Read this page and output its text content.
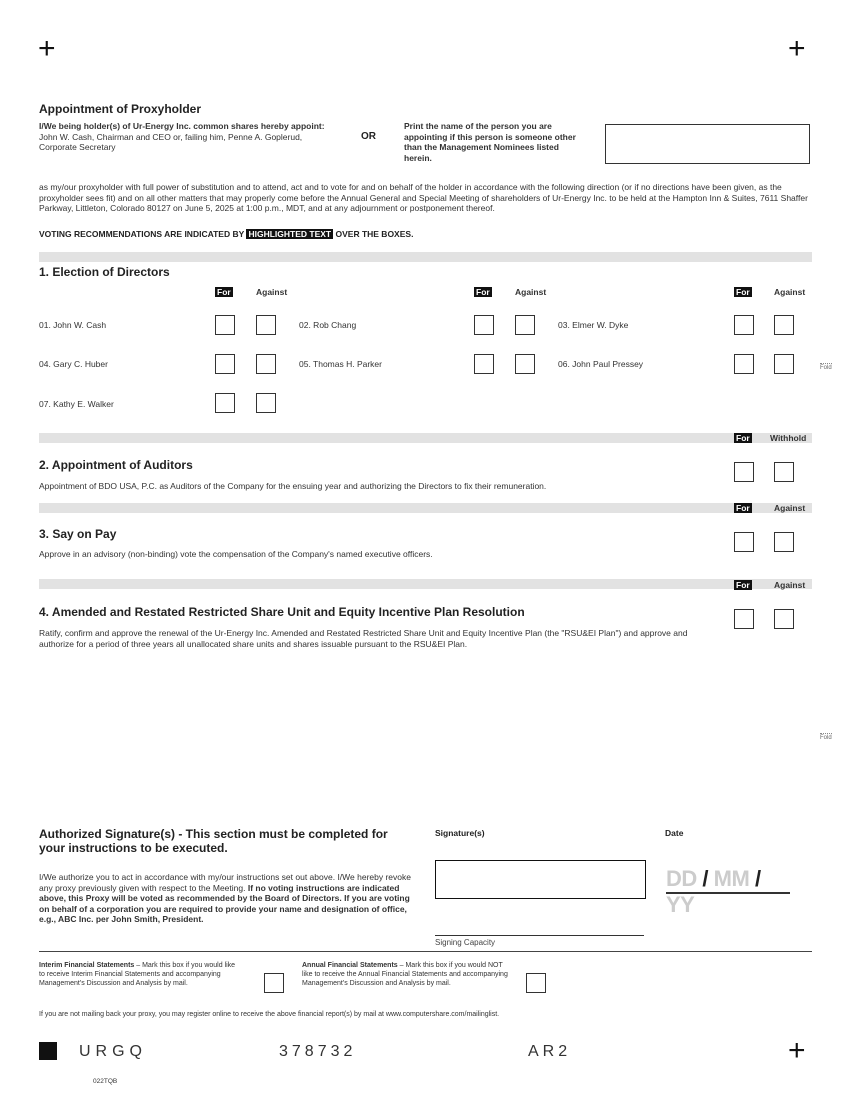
+	+
+
Appointment of Proxyholder
I/We being holder(s) of Ur-Energy Inc. common shares hereby appoint: John W. Cash, Chairman and CEO or, failing him, Penne A. Goplerud, Corporate Secretary
OR
Print the name of the person you are appointing if this person is someone other than the Management Nominees listed herein.
as my/our proxyholder with full power of substitution and to attend, act and to vote for and on behalf of the holder in accordance with the following direction (or if no directions have been given, as the proxyholder sees fit) and on all other matters that may properly come before the Annual General and Special Meeting of shareholders of Ur-Energy Inc. to be held at the Hampton Inn & Suites, 7611 Shaffer Parkway, Littleton, Colorado 80127 on June 5, 2025 at 1:00 p.m., MDT, and at any adjournment or postponement thereof.
VOTING RECOMMENDATIONS ARE INDICATED BY HIGHLIGHTED TEXT OVER THE BOXES.
1. Election of Directors
For	Against	For	Against	For	Against
01. John W. Cash	02. Rob Chang	03. Elmer W. Dyke
04. Gary C. Huber	05. Thomas H. Parker	06. John Paul Pressey	Fold
07. Kathy E. Walker
For Withhold
2. Appointment of Auditors
Appointment of BDO USA, P.C. as Auditors of the Company for the ensuing year and authorizing the Directors to fix their remuneration.
For	Against
3. Say on Pay
Approve in an advisory (non-binding) vote the compensation of the Company's named executive officers.
For	Against
4. Amended and Restated Restricted Share Unit and Equity Incentive Plan Resolution
Ratify, confirm and approve the renewal of the Ur-Energy Inc. Amended and Restated Restricted Share Unit and Equity Incentive Plan (the "RSU&EI Plan") and approve and authorize for a period of three years all unallocated share units and shares issuable pursuant to the RSU&EI Plan.
Fold
Authorized Signature(s) - This section must be completed for your instructions to be executed.
I/We authorize you to act in accordance with my/our instructions set out above. I/We hereby revoke any proxy previously given with respect to the Meeting. If no voting instructions are indicated above, this Proxy will be voted as recommended by the Board of Directors. If you are voting on behalf of a corporation you are required to provide your name and designation of office, e.g., ABC Inc. per John Smith, President.
Signature(s)	Date
DD / MM / YY
Signing Capacity
Interim Financial Statements – Mark this box if you would like to receive Interim Financial Statements and accompanying Management's Discussion and Analysis by mail.
Annual Financial Statements – Mark this box if you would NOT like to receive the Annual Financial Statements and accompanying Management's Discussion and Analysis by mail.
If you are not mailing back your proxy, you may register online to receive the above financial report(s) by mail at www.computershare.com/mailinglist.
URGQ	378732	AR2
022TQB
